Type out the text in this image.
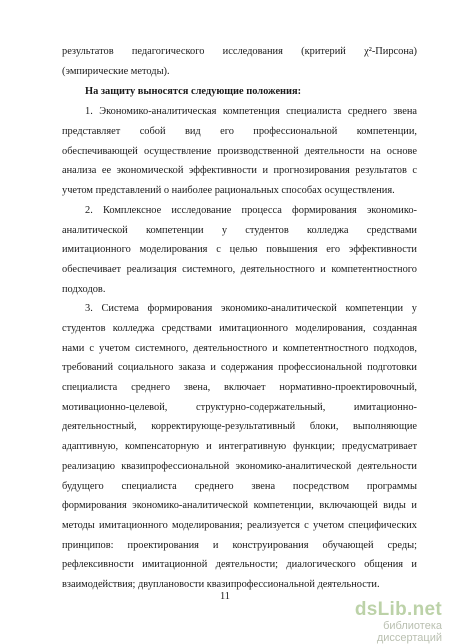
результатов педагогического исследования (критерий χ²-Пирсона)

(эмпирические методы).

На защиту выносятся следующие положения:

1. Экономико-аналитическая компетенция специалиста среднего звена

представляет собой вид его профессиональной компетенции,

обеспечивающей осуществление производственной деятельности на основе

анализа ее экономической эффективности и прогнозирования результатов с

учетом представлений о наиболее рациональных способах осуществления.

2. Комплексное исследование процесса формирования экономико-

аналитической компетенции у студентов колледжа средствами

имитационного моделирования с целью повышения его эффективности

обеспечивает реализация системного, деятельностного и компетентностного

подходов.

3. Система формирования экономико-аналитической компетенции у

студентов колледжа средствами имитационного моделирования, созданная

нами с учетом системного, деятельностного и компетентностного подходов,

требований социального заказа и содержания профессиональной подготовки

специалиста среднего звена, включает нормативно-проектировочный,

мотивационно-целевой, структурно-содержательный, имитационно-

деятельностный, корректирующе-результативный блоки, выполняющие

адаптивную, компенсаторную и интегративную функции; предусматривает

реализацию квазипрофессиональной экономико-аналитической деятельности

будущего специалиста среднего звена посредством программы

формирования экономико-аналитической компетенции, включающей виды и

методы имитационного моделирования; реализуется с учетом специфических

принципов: проектирования и конструирования обучающей среды;

рефлексивности имитационной деятельности; диалогического общения и

взаимодействия; двуплановости квазипрофессиональной деятельности.

11
dsLib.net
библиотека диссертаций
